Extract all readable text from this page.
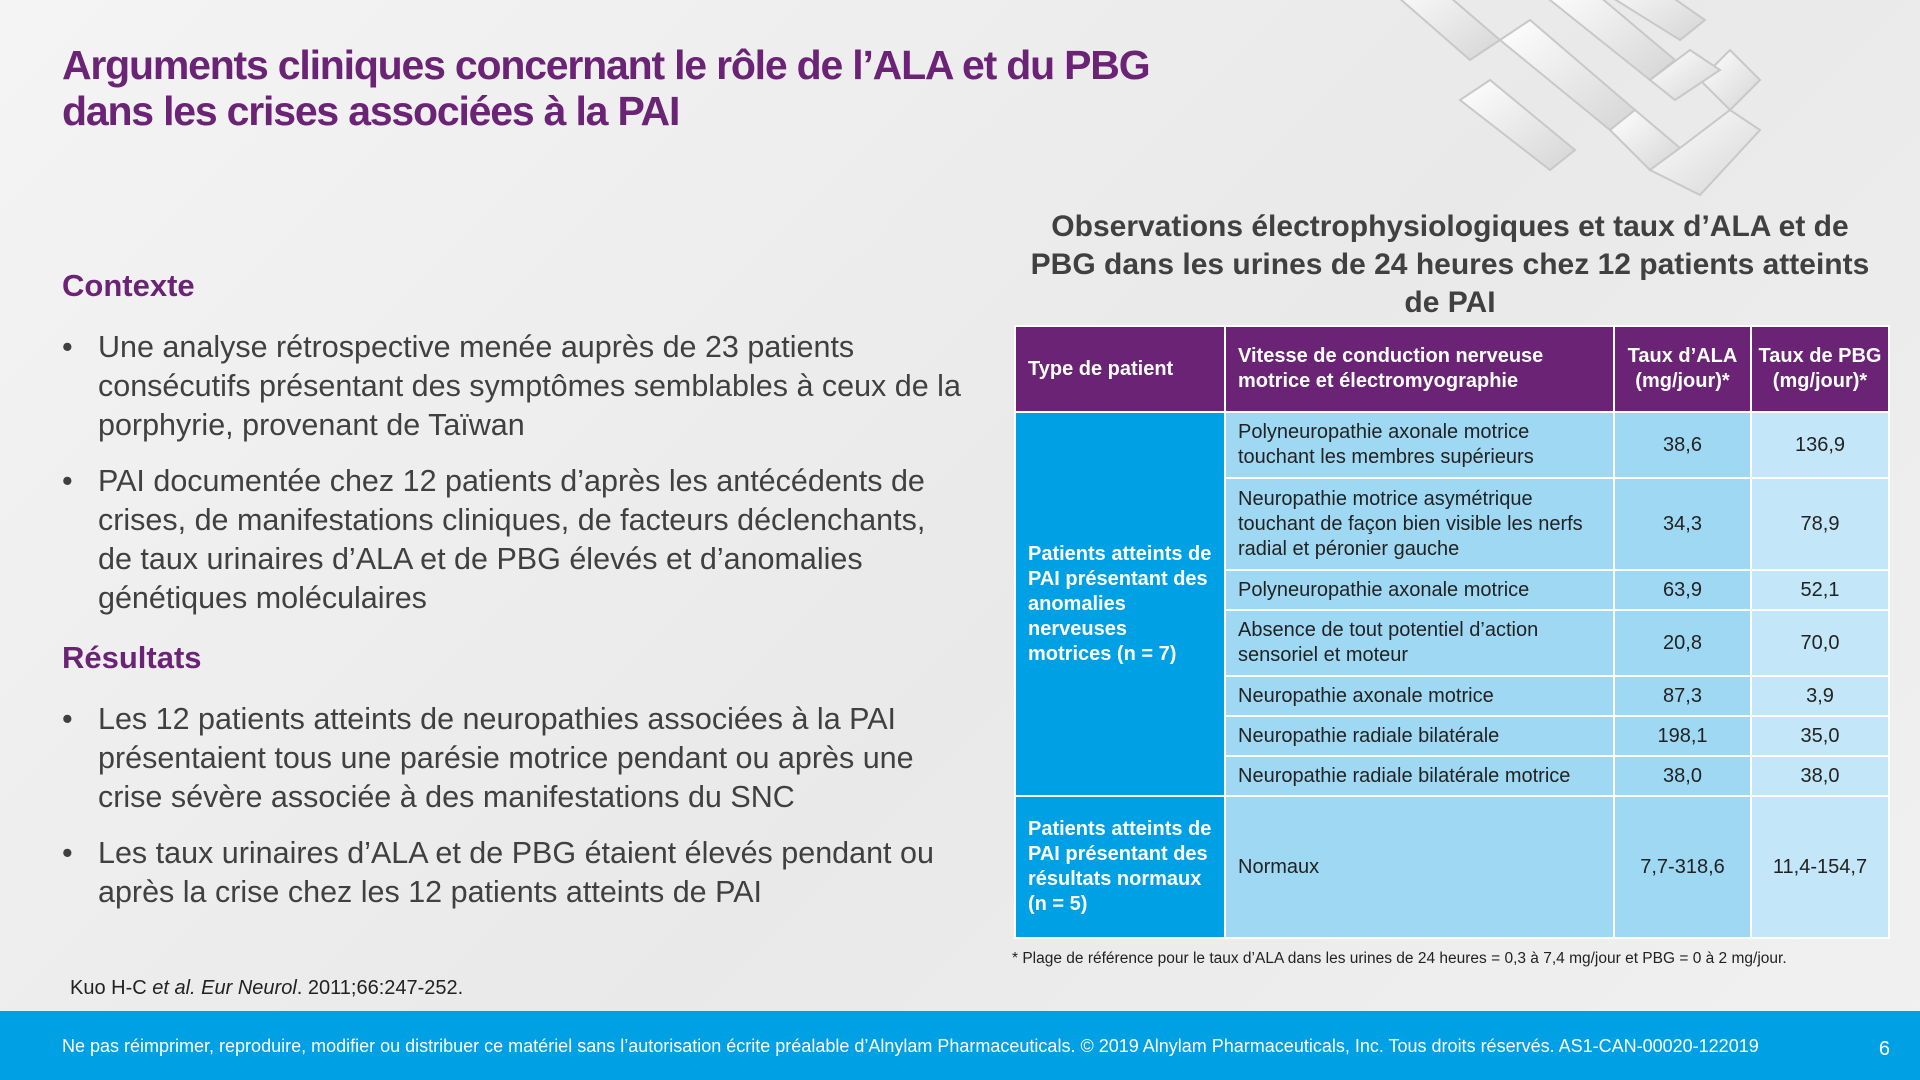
Arguments cliniques concernant le rôle de l’ALA et du PBG
dans les crises associées à la PAI
Contexte
• Une analyse rétrospective menée auprès de 23 patients consécutifs présentant des symptômes semblables à ceux de la porphyrie, provenant de Taïwan
• PAI documentée chez 12 patients d’après les antécédents de crises, de manifestations cliniques, de facteurs déclenchants, de taux urinaires d’ALA et de PBG élevés et d’anomalies génétiques moléculaires
Résultats
• Les 12 patients atteints de neuropathies associées à la PAI présentaient tous une parésie motrice pendant ou après une crise sévère associée à des manifestations du SNC
• Les taux urinaires d’ALA et de PBG étaient élevés pendant ou après la crise chez les 12 patients atteints de PAI
Observations électrophysiologiques et taux d’ALA et de PBG dans les urines de 24 heures chez 12 patients atteints de PAI
Type de patient	Vitesse de conduction nerveuse motrice et électromyographie	Taux d’ALA (mg/jour)*	Taux de PBG (mg/jour)*
Patients atteints de PAI présentant des anomalies nerveuses motrices (n = 7)	Polyneuropathie axonale motrice touchant les membres supérieurs	38,6	136,9
	Neuropathie motrice asymétrique touchant de façon bien visible les nerfs radial et péronier gauche	34,3	78,9
	Polyneuropathie axonale motrice	63,9	52,1
	Absence de tout potentiel d’action sensoriel et moteur	20,8	70,0
	Neuropathie axonale motrice	87,3	3,9
	Neuropathie radiale bilatérale	198,1	35,0
	Neuropathie radiale bilatérale motrice	38,0	38,0
Patients atteints de PAI présentant des résultats normaux (n = 5)	Normaux	7,7-318,6	11,4-154,7
* Plage de référence pour le taux d’ALA dans les urines de 24 heures = 0,3 à 7,4 mg/jour et PBG = 0 à 2 mg/jour.
Kuo H-C et al. Eur Neurol. 2011;66:247-252.
Ne pas réimprimer, reproduire, modifier ou distribuer ce matériel sans l’autorisation écrite préalable d’Alnylam Pharmaceuticals. © 2019 Alnylam Pharmaceuticals, Inc. Tous droits réservés. AS1-CAN-00020-122019	6
